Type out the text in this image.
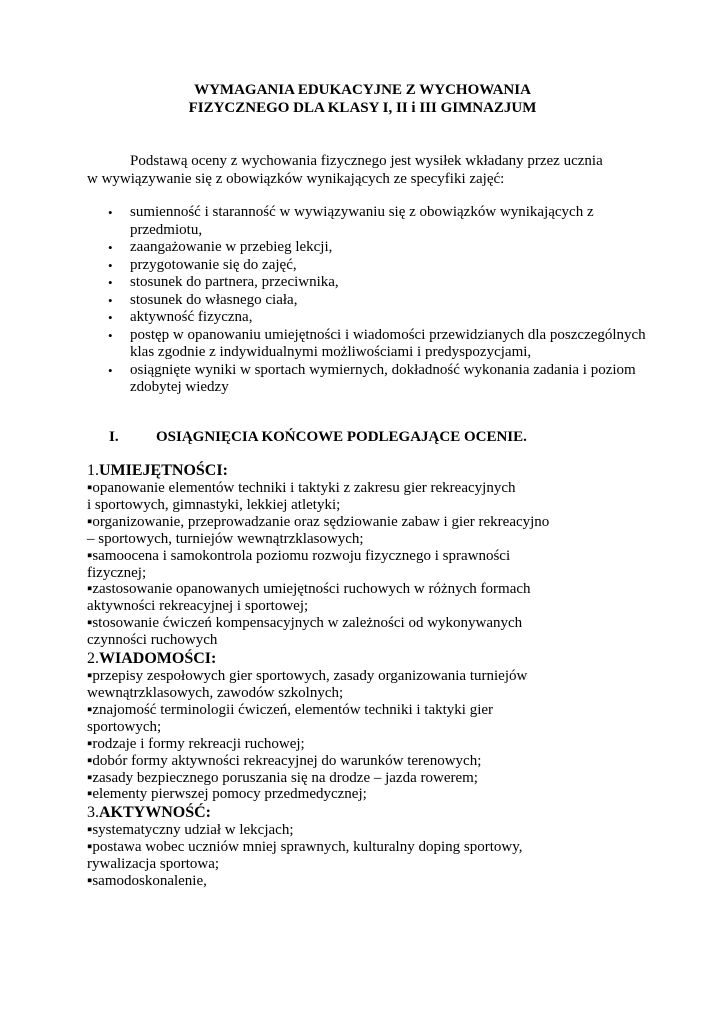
WYMAGANIA EDUKACYJNE Z WYCHOWANIA
FIZYCZNEGO DLA KLASY I, II i III GIMNAZJUM
Podstawą oceny z wychowania fizycznego jest wysiłek wkładany przez ucznia
w wywiązywanie się z obowiązków wynikających ze specyfiki zajęć:
• sumienność i staranność w wywiązywaniu się z obowiązków wynikających z
przedmiotu,
• zaangażowanie w przebieg lekcji,
• przygotowanie się do zajęć,
• stosunek do partnera, przeciwnika,
• stosunek do własnego ciała,
• aktywność fizyczna,
• postęp w opanowaniu umiejętności i wiadomości przewidzianych dla poszczególnych
klas zgodnie z indywidualnymi możliwościami i predyspozycjami,
• osiągnięte wyniki w sportach wymiernych, dokładność wykonania zadania i poziom
zdobytej wiedzy
I. OSIĄGNIĘCIA KOŃCOWE PODLEGAJĄCE OCENIE.
1.UMIEJĘTNOŚCI:
▪opanowanie elementów techniki i taktyki z zakresu gier rekreacyjnych
i sportowych, gimnastyki, lekkiej atletyki;
▪organizowanie, przeprowadzanie oraz sędziowanie zabaw i gier rekreacyjno
– sportowych, turniejów wewnątrzklasowych;
▪samoocena i samokontrola poziomu rozwoju fizycznego i sprawności
fizycznej;
▪zastosowanie opanowanych umiejętności ruchowych w różnych formach
aktywności rekreacyjnej i sportowej;
▪stosowanie ćwiczeń kompensacyjnych w zależności od wykonywanych
czynności ruchowych
2.WIADOMOŚCI:
▪przepisy zespołowych gier sportowych, zasady organizowania turniejów
wewnątrzklasowych, zawodów szkolnych;
▪znajomość terminologii ćwiczeń, elementów techniki i taktyki gier
sportowych;
▪rodzaje i formy rekreacji ruchowej;
▪dobór formy aktywności rekreacyjnej do warunków terenowych;
▪zasady bezpiecznego poruszania się na drodze – jazda rowerem;
▪elementy pierwszej pomocy przedmedycznej;
3.AKTYWNOŚĆ:
▪systematyczny udział w lekcjach;
▪postawa wobec uczniów mniej sprawnych, kulturalny doping sportowy,
rywalizacja sportowa;
▪samodoskonalenie,
